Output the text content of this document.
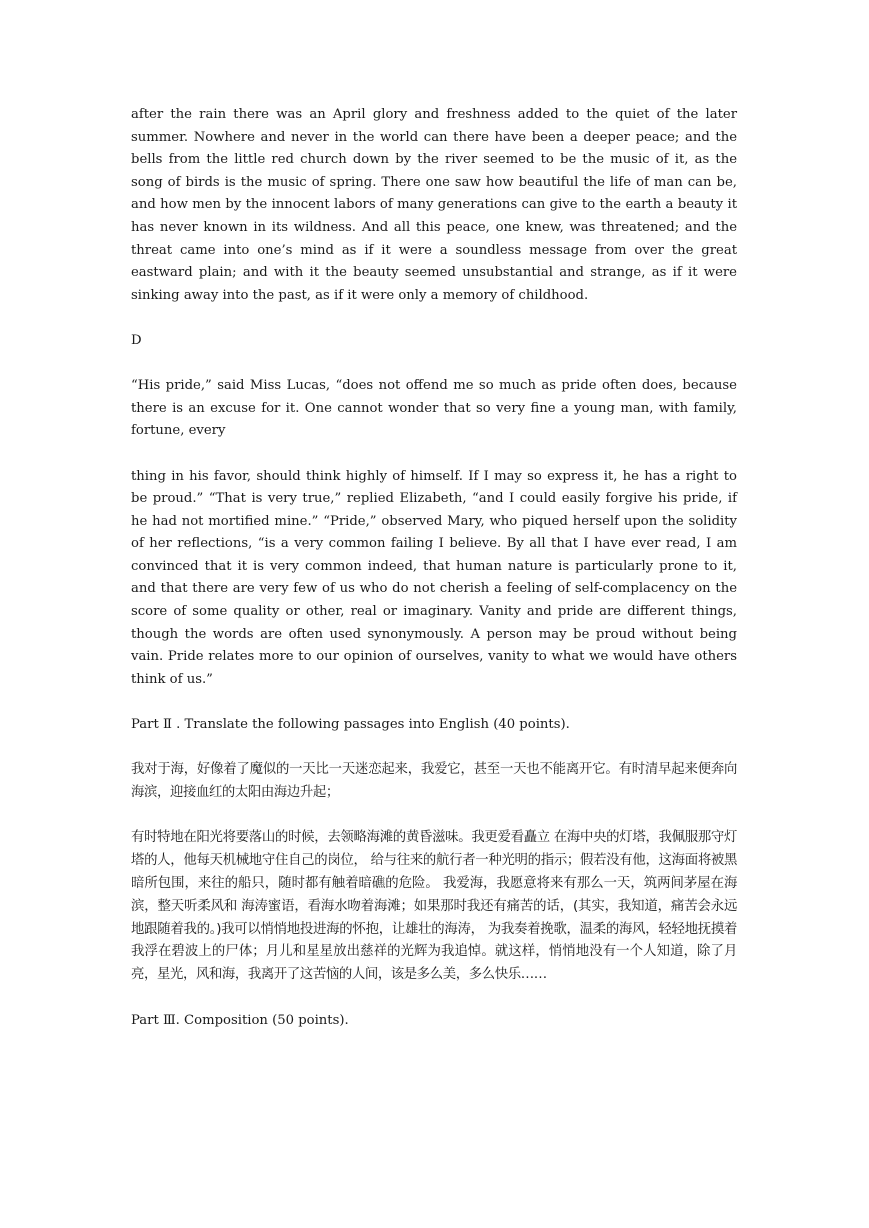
after the rain there was an April glory and freshness added to the quiet of the later summer. Nowhere and never in the world can there have been a deeper peace; and the bells from the little red church down by the river seemed to be the music of it, as the song of birds is the music of spring. There one saw how beautiful the life of man can be, and how men by the innocent labors of many generations can give to the earth a beauty it has never known in its wildness. And all this peace, one knew, was threatened; and the threat came into one’s mind as if it were a soundless message from over the great eastward plain; and with it the beauty seemed unsubstantial and strange, as if it were sinking away into the past, as if it were only a memory of childhood.

D

“His pride,” said Miss Lucas, “does not offend me so much as pride often does, because there is an excuse for it. One cannot wonder that so very fine a young man, with family, fortune, every

thing in his favor, should think highly of himself. If I may so express it, he has a right to be proud.” “That is very true,” replied Elizabeth, “and I could easily forgive his pride, if he had not mortified mine.” “Pride,” observed Mary, who piqued herself upon the solidity of her reflections, “is a very common failing I believe. By all that I have ever read, I am convinced that it is very common indeed, that human nature is particularly prone to it, and that there are very few of us who do not cherish a feeling of self-complacency on the score of some quality or other, real or imaginary. Vanity and pride are different things, though the words are often used synonymously. A person may be proud without being vain. Pride relates more to our opinion of ourselves, vanity to what we would have others think of us.”

Part Ⅱ . Translate the following passages into English (40 points).

我对于海，好像着了魔似的一天比一天迷恋起来，我爱它，甚至一天也不能离开它。有时清早起来便奔向海滨，迎接血红的太阳由海边升起；

有时特地在阳光将要落山的时候，去领略海滩的黄昏滋味。我更爱看矗立 在海中央的灯塔，我佩服那守灯塔的人，他每天机械地守住自己的岗位， 给与往来的航行者一种光明的指示；假若没有他，这海面将被黑暗所包围，来往的船只，随时都有触着暗礁的危险。 我爱海，我愿意将来有那么一天，筑两间茅屋在海滨，整天听柔风和 海涛蜜语，看海水吻着海滩；如果那时我还有痛苦的话，(其实，我知道，痛苦会永远地跟随着我的。)我可以悄悄地投进海的怀抱，让雄壮的海涛， 为我奏着挽歌，温柔的海风，轻轻地抚摸着我浮在碧波上的尸体；月儿和星星放出慈祥的光辉为我追悼。就这样，悄悄地没有一个人知道，除了月 亮，星光，风和海，我离开了这苦恼的人间，该是多么美，多么快乐……

Part Ⅲ. Composition (50 points).
